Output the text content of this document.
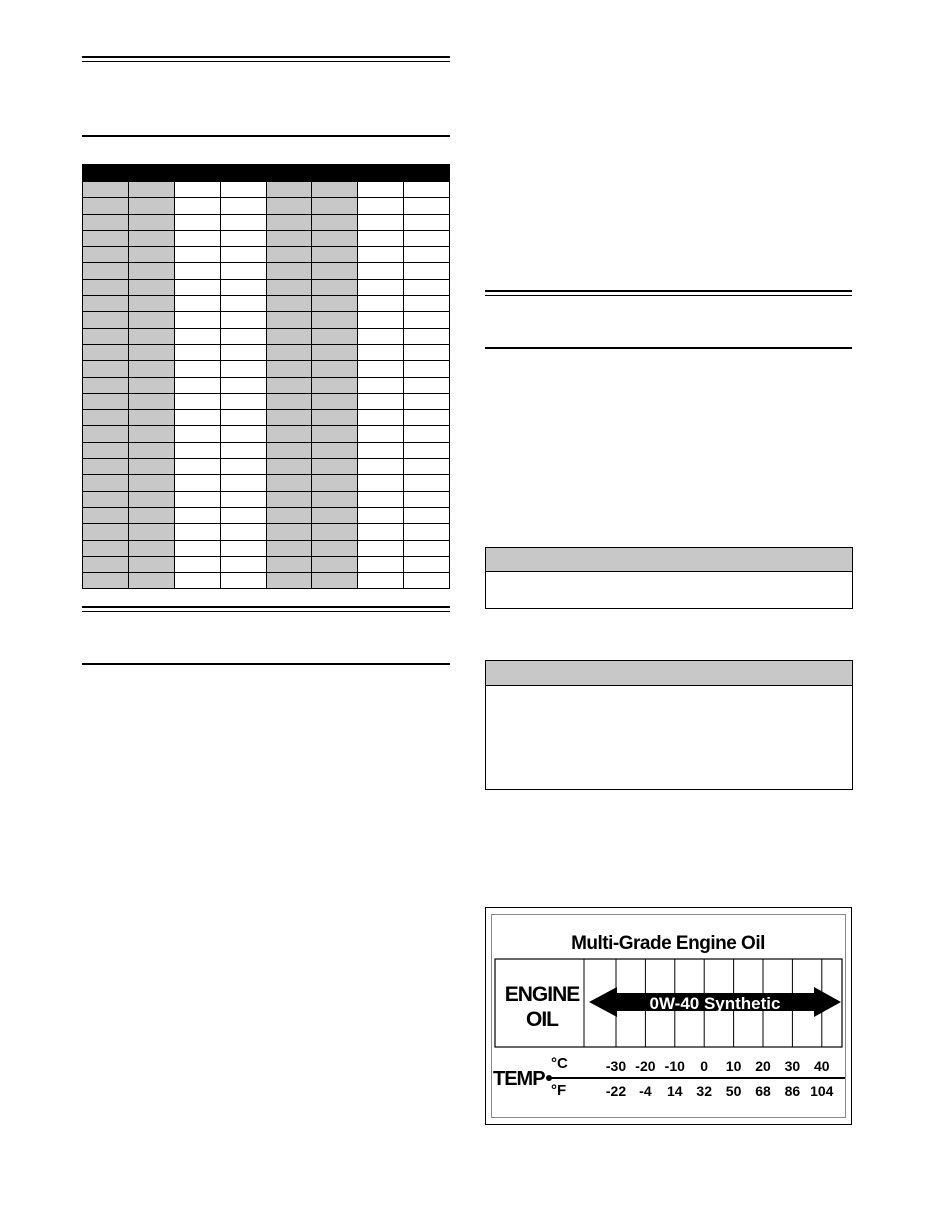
Multi-Grade Engine Oil
ENGINE
OIL
0W-40 Synthetic
TEMP
°C
°F
-30 -20 -10 0 10 20 30 40
-22 -4 14 32 50 68 86 104
